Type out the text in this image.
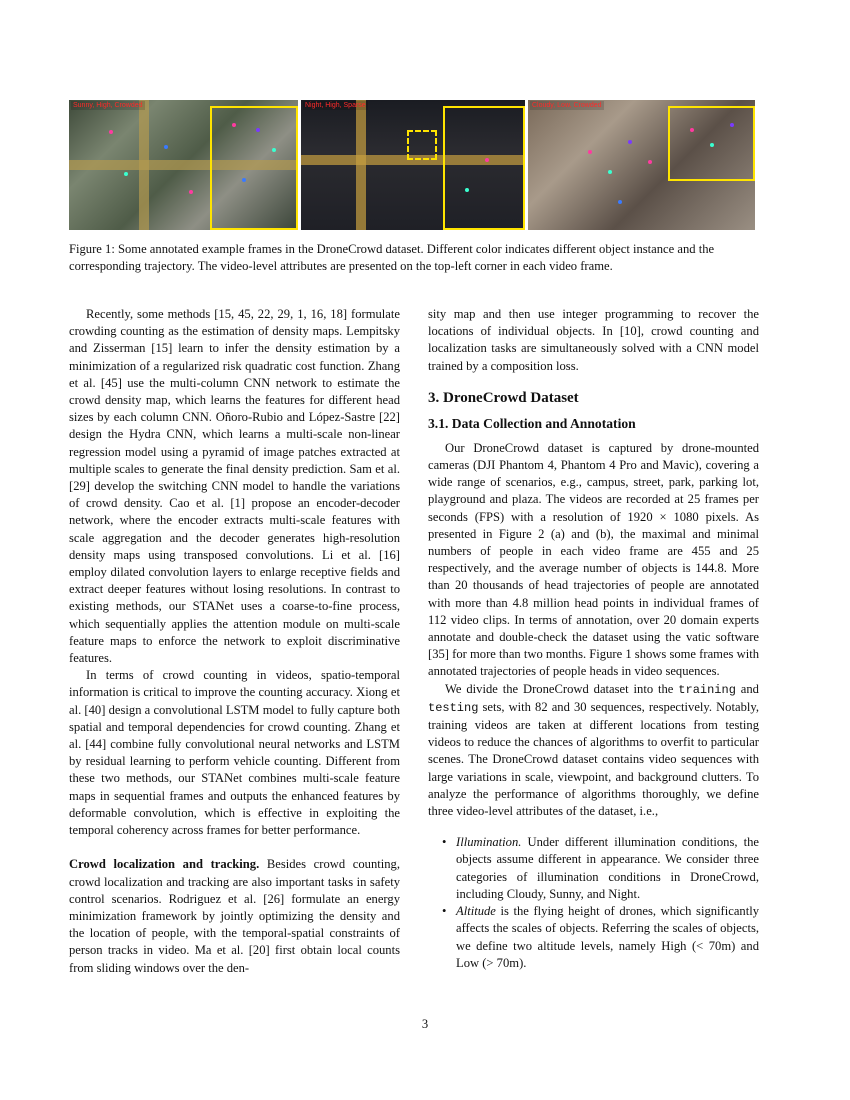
Sunny, High, Crowded	Night, High, Sparse	Cloudy, Low, Crowded

Figure 1: Some annotated example frames in the DroneCrowd dataset. Different color indicates different object instance and the corresponding trajectory. The video-level attributes are presented on the top-left corner in each video frame.

Recently, some methods [15, 45, 22, 29, 1, 16, 18] formulate crowding counting as the estimation of density maps. Lempitsky and Zisserman [15] learn to infer the density estimation by a minimization of a regularized risk quadratic cost function. Zhang et al. [45] use the multi-column CNN network to estimate the crowd density map, which learns the features for different head sizes by each column CNN. Oñoro-Rubio and López-Sastre [22] design the Hydra CNN, which learns a multi-scale non-linear regression model using a pyramid of image patches extracted at multiple scales to generate the final density prediction. Sam et al. [29] develop the switching CNN model to handle the variations of crowd density. Cao et al. [1] propose an encoder-decoder network, where the encoder extracts multi-scale features with scale aggregation and the decoder generates high-resolution density maps using transposed convolutions. Li et al. [16] employ dilated convolution layers to enlarge receptive fields and extract deeper features without losing resolutions. In contrast to existing methods, our STANet uses a coarse-to-fine process, which sequentially applies the attention module on multi-scale feature maps to enforce the network to exploit discriminative features.

In terms of crowd counting in videos, spatio-temporal information is critical to improve the counting accuracy. Xiong et al. [40] design a convolutional LSTM model to fully capture both spatial and temporal dependencies for crowd counting. Zhang et al. [44] combine fully convolutional neural networks and LSTM by residual learning to perform vehicle counting. Different from these two methods, our STANet combines multi-scale feature maps in sequential frames and outputs the enhanced features by deformable convolution, which is effective in exploiting the temporal coherency across frames for better performance.

Crowd localization and tracking. Besides crowd counting, crowd localization and tracking are also important tasks in safety control scenarios. Rodriguez et al. [26] formulate an energy minimization framework by jointly optimizing the density and the location of people, with the temporal-spatial constraints of person tracks in video. Ma et al. [20] first obtain local counts from sliding windows over the den-

sity map and then use integer programming to recover the locations of individual objects. In [10], crowd counting and localization tasks are simultaneously solved with a CNN model trained by a composition loss.

3. DroneCrowd Dataset
3.1. Data Collection and Annotation

Our DroneCrowd dataset is captured by drone-mounted cameras (DJI Phantom 4, Phantom 4 Pro and Mavic), covering a wide range of scenarios, e.g., campus, street, park, parking lot, playground and plaza. The videos are recorded at 25 frames per seconds (FPS) with a resolution of 1920 × 1080 pixels. As presented in Figure 2 (a) and (b), the maximal and minimal numbers of people in each video frame are 455 and 25 respectively, and the average number of objects is 144.8. More than 20 thousands of head trajectories of people are annotated with more than 4.8 million head points in individual frames of 112 video clips. In terms of annotation, over 20 domain experts annotate and double-check the dataset using the vatic software [35] for more than two months. Figure 1 shows some frames with annotated trajectories of people heads in video sequences.

We divide the DroneCrowd dataset into the training and testing sets, with 82 and 30 sequences, respectively. Notably, training videos are taken at different locations from testing videos to reduce the chances of algorithms to overfit to particular scenes. The DroneCrowd dataset contains video sequences with large variations in scale, viewpoint, and background clutters. To analyze the performance of algorithms thoroughly, we define three video-level attributes of the dataset, i.e.,

• Illumination. Under different illumination conditions, the objects assume different in appearance. We consider three categories of illumination conditions in DroneCrowd, including Cloudy, Sunny, and Night.
• Altitude is the flying height of drones, which significantly affects the scales of objects. Referring the scales of objects, we define two altitude levels, namely High (< 70m) and Low (> 70m).
3
